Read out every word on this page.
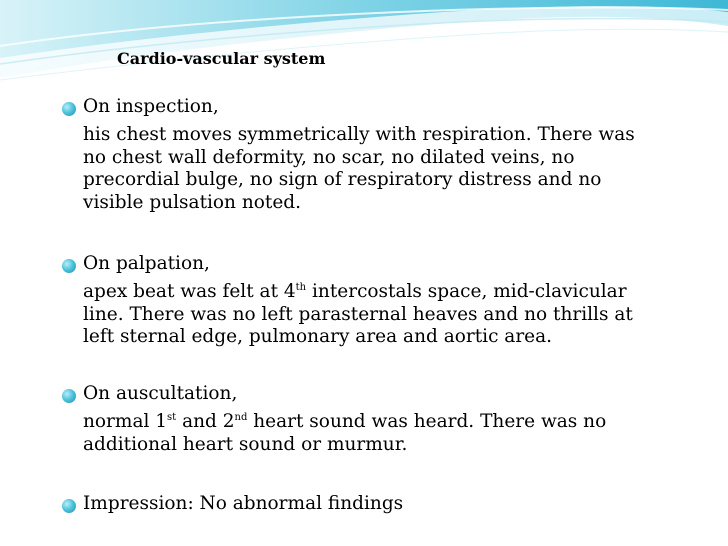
Cardio-vascular system
On inspection,
his chest moves symmetrically with respiration. There was
no chest wall deformity, no scar, no dilated veins, no
precordial bulge, no sign of respiratory distress and no
visible pulsation noted.
On palpation,
apex beat was felt at 4th intercostals space, mid-clavicular
line. There was no left parasternal heaves and no thrills at
left sternal edge, pulmonary area and aortic area.
On auscultation,
normal 1st and 2nd heart sound was heard. There was no
additional heart sound or murmur.
Impression: No abnormal findings
